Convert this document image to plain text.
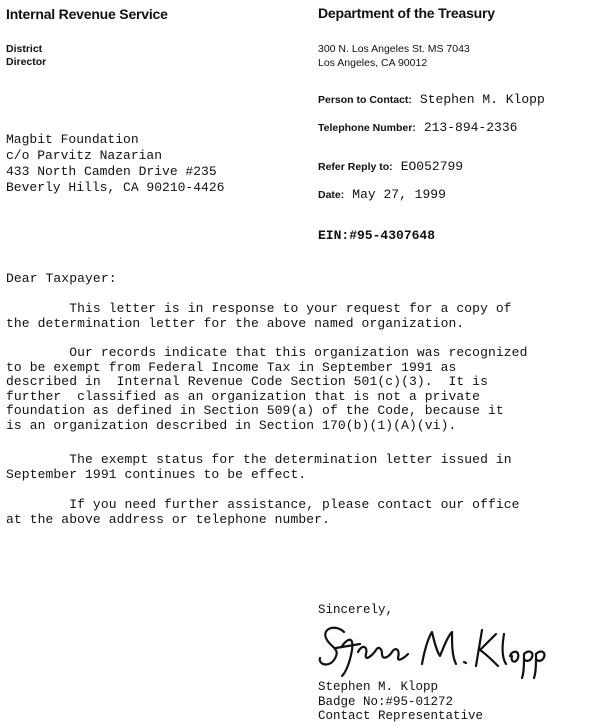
Internal Revenue Service	Department of the Treasury
District
Director
300 N. Los Angeles St. MS 7043
Los Angeles, CA 90012
Person to Contact: Stephen M. Klopp
Telephone Number: 213-894-2336
Refer Reply to: EO052799
Date: May 27, 1999
EIN:#95-4307648
Magbit Foundation
c/o Parvitz Nazarian
433 North Camden Drive #235
Beverly Hills, CA 90210-4426
Dear Taxpayer:
This letter is in response to your request for a copy of
the determination letter for the above named organization.
Our records indicate that this organization was recognized
to be exempt from Federal Income Tax in September 1991 as
described in  Internal Revenue Code Section 501(c)(3).  It is
further  classified as an organization that is not a private
foundation as defined in Section 509(a) of the Code, because it
is an organization described in Section 170(b)(1)(A)(vi).
The exempt status for the determination letter issued in
September 1991 continues to be effect.
If you need further assistance, please contact our office
at the above address or telephone number.
Sincerely,
Stephen M. Klopp
Badge No:#95-01272
Contact Representative
